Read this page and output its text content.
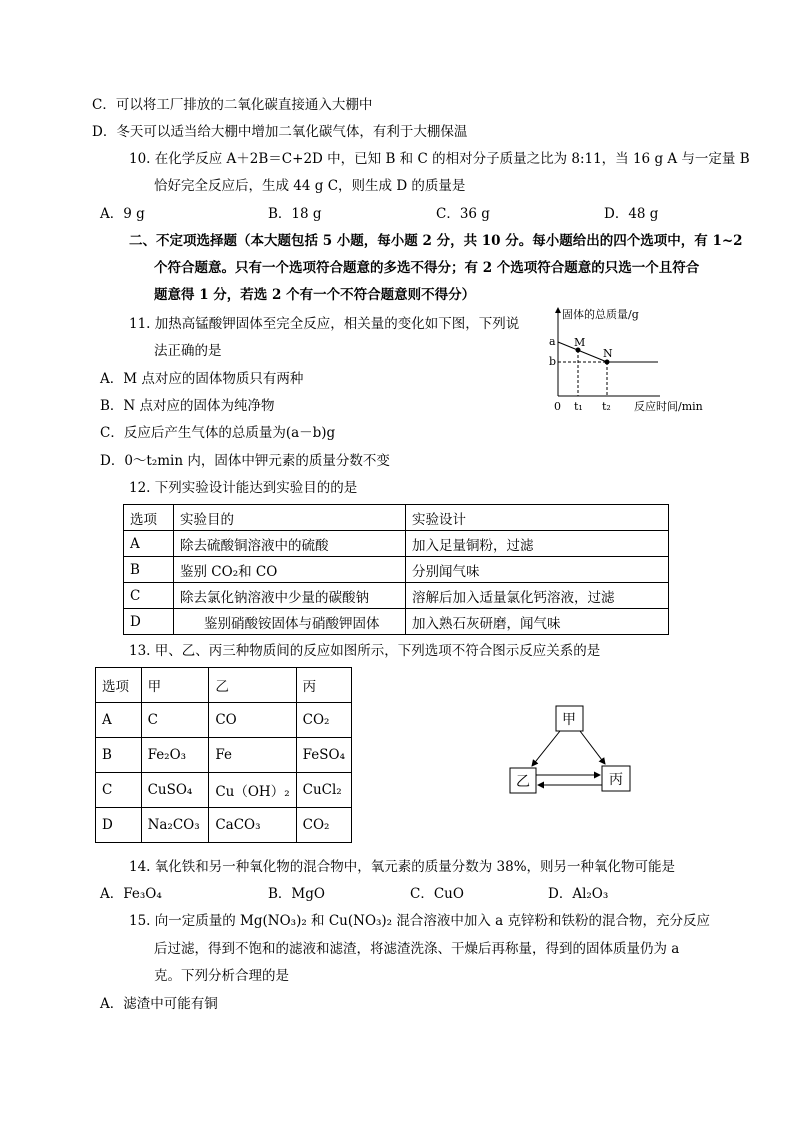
C．可以将工厂排放的二氧化碳直接通入大棚中
D．冬天可以适当给大棚中增加二氧化碳气体，有利于大棚保温
10. 在化学反应 A＋2B＝C+2D 中，已知 B 和 C 的相对分子质量之比为 8:11，当 16 g A 与一定量 B
恰好完全反应后，生成 44 g C，则生成 D 的质量是
A．9 g	B．18 g	C．36 g	D．48 g
二、不定项选择题（本大题包括 5 小题，每小题 2 分，共 10 分。每小题给出的四个选项中，有 1~2
个符合题意。只有一个选项符合题意的多选不得分；有 2 个选项符合题意的只选一个且符合
题意得 1 分，若选 2 个有一个不符合题意则不得分）
11. 加热高锰酸钾固体至完全反应，相关量的变化如下图，下列说
法正确的是
A．M 点对应的固体物质只有两种
B．N 点对应的固体为纯净物
C．反应后产生气体的总质量为(a－b)g
D．0～t₂min 内，固体中钾元素的质量分数不变
固体的总质量/g
a
b
M
N
0 t₁ t₂ 反应时间/min
12. 下列实验设计能达到实验目的的是
选项	实验目的	实验设计
A	除去硫酸铜溶液中的硫酸	加入足量铜粉，过滤
B	鉴别 CO₂和 CO	分别闻气味
C	除去氯化钠溶液中少量的碳酸钠	溶解后加入适量氯化钙溶液，过滤
D	鉴别硝酸铵固体与硝酸钾固体	加入熟石灰研磨，闻气味
13. 甲、乙、丙三种物质间的反应如图所示，下列选项不符合图示反应关系的是
选项	甲	乙	丙
A	C	CO	CO₂
B	Fe₂O₃	Fe	FeSO₄
C	CuSO₄	Cu（OH）₂	CuCl₂
D	Na₂CO₃	CaCO₃	CO₂
甲
乙	丙
14. 氧化铁和另一种氧化物的混合物中，氧元素的质量分数为 38%，则另一种氧化物可能是
A．Fe₃O₄	B．MgO	C．CuO	D．Al₂O₃
15. 向一定质量的 Mg(NO₃)₂ 和 Cu(NO₃)₂ 混合溶液中加入 a 克锌粉和铁粉的混合物，充分反应
后过滤，得到不饱和的滤液和滤渣，将滤渣洗涤、干燥后再称量，得到的固体质量仍为 a
克。下列分析合理的是
A．滤渣中可能有铜
